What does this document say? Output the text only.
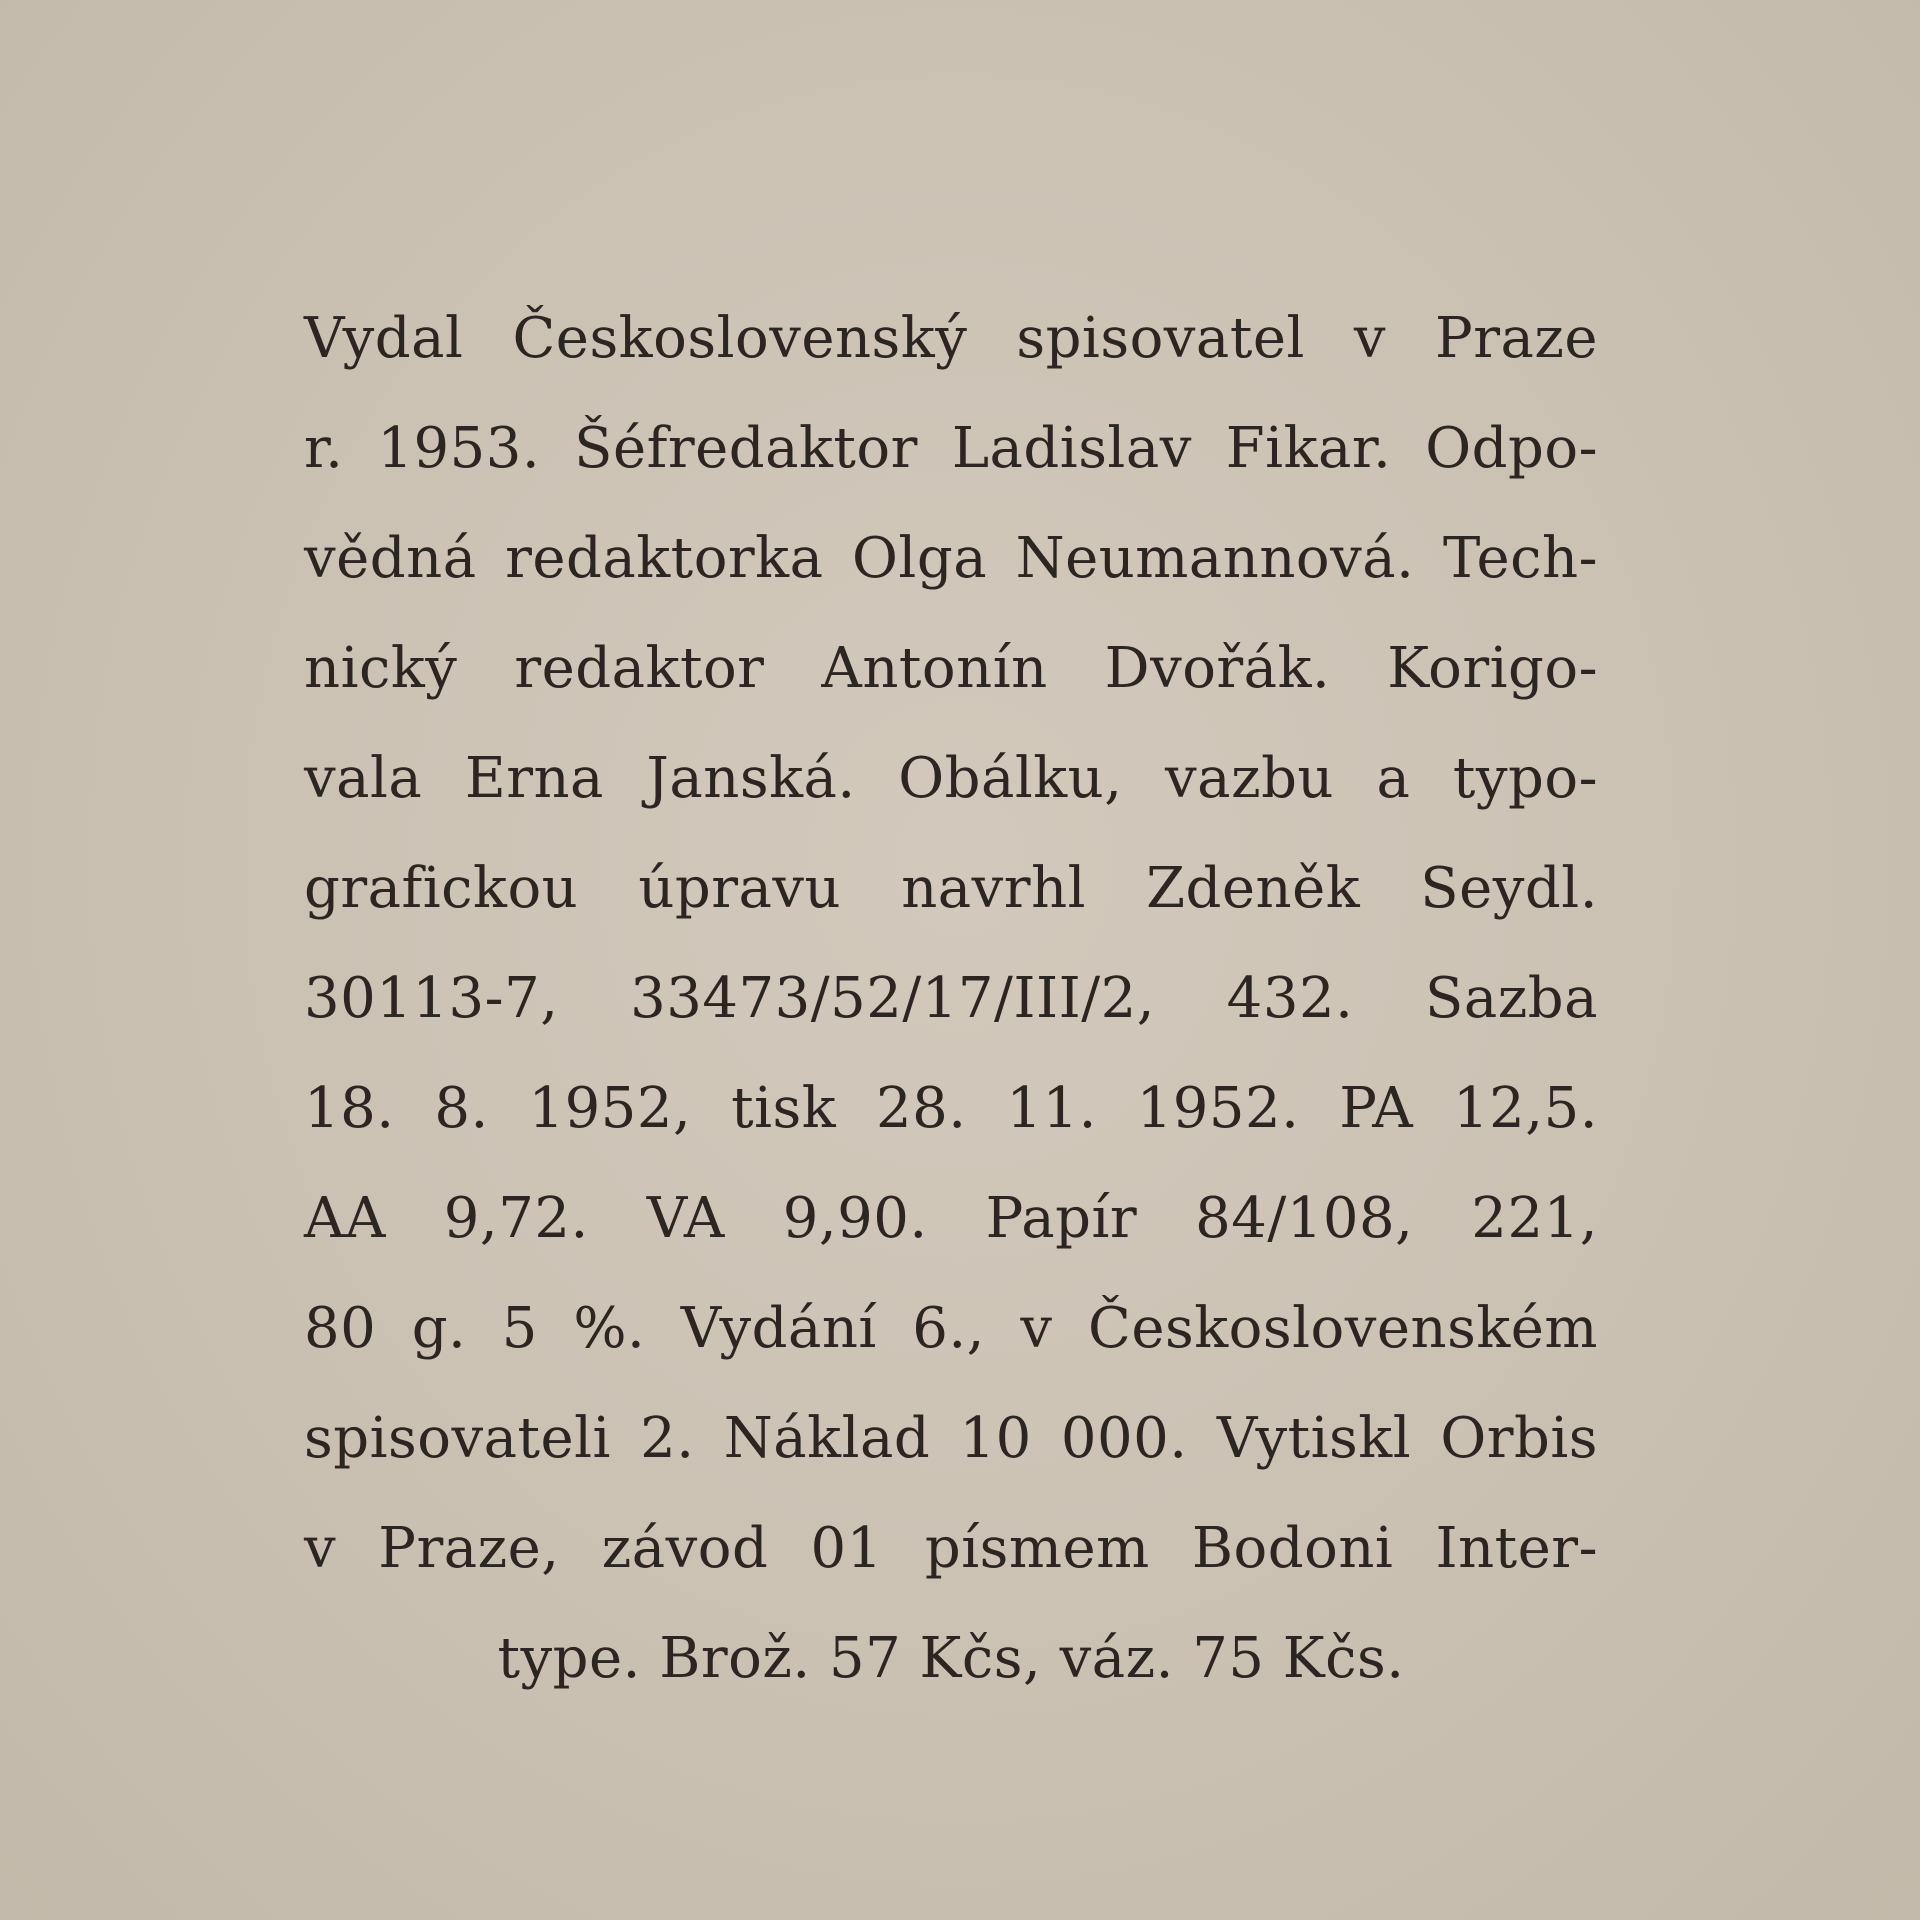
Vydal Československý spisovatel v Praze
r. 1953. Šéfredaktor Ladislav Fikar. Odpo-
vědná redaktorka Olga Neumannová. Tech-
nický redaktor Antonín Dvořák. Korigo-
vala Erna Janská. Obálku, vazbu a typo-
grafickou úpravu navrhl Zdeněk Seydl.
30113-7, 33473/52/17/III/2, 432. Sazba
18. 8. 1952, tisk 28. 11. 1952. PA 12,5.
AA 9,72. VA 9,90. Papír 84/108, 221,
80 g. 5 %. Vydání 6., v Československém
spisovateli 2. Náklad 10 000. Vytiskl Orbis
v Praze, závod 01 písmem Bodoni Inter-
type. Brož. 57 Kčs, váz. 75 Kčs.
